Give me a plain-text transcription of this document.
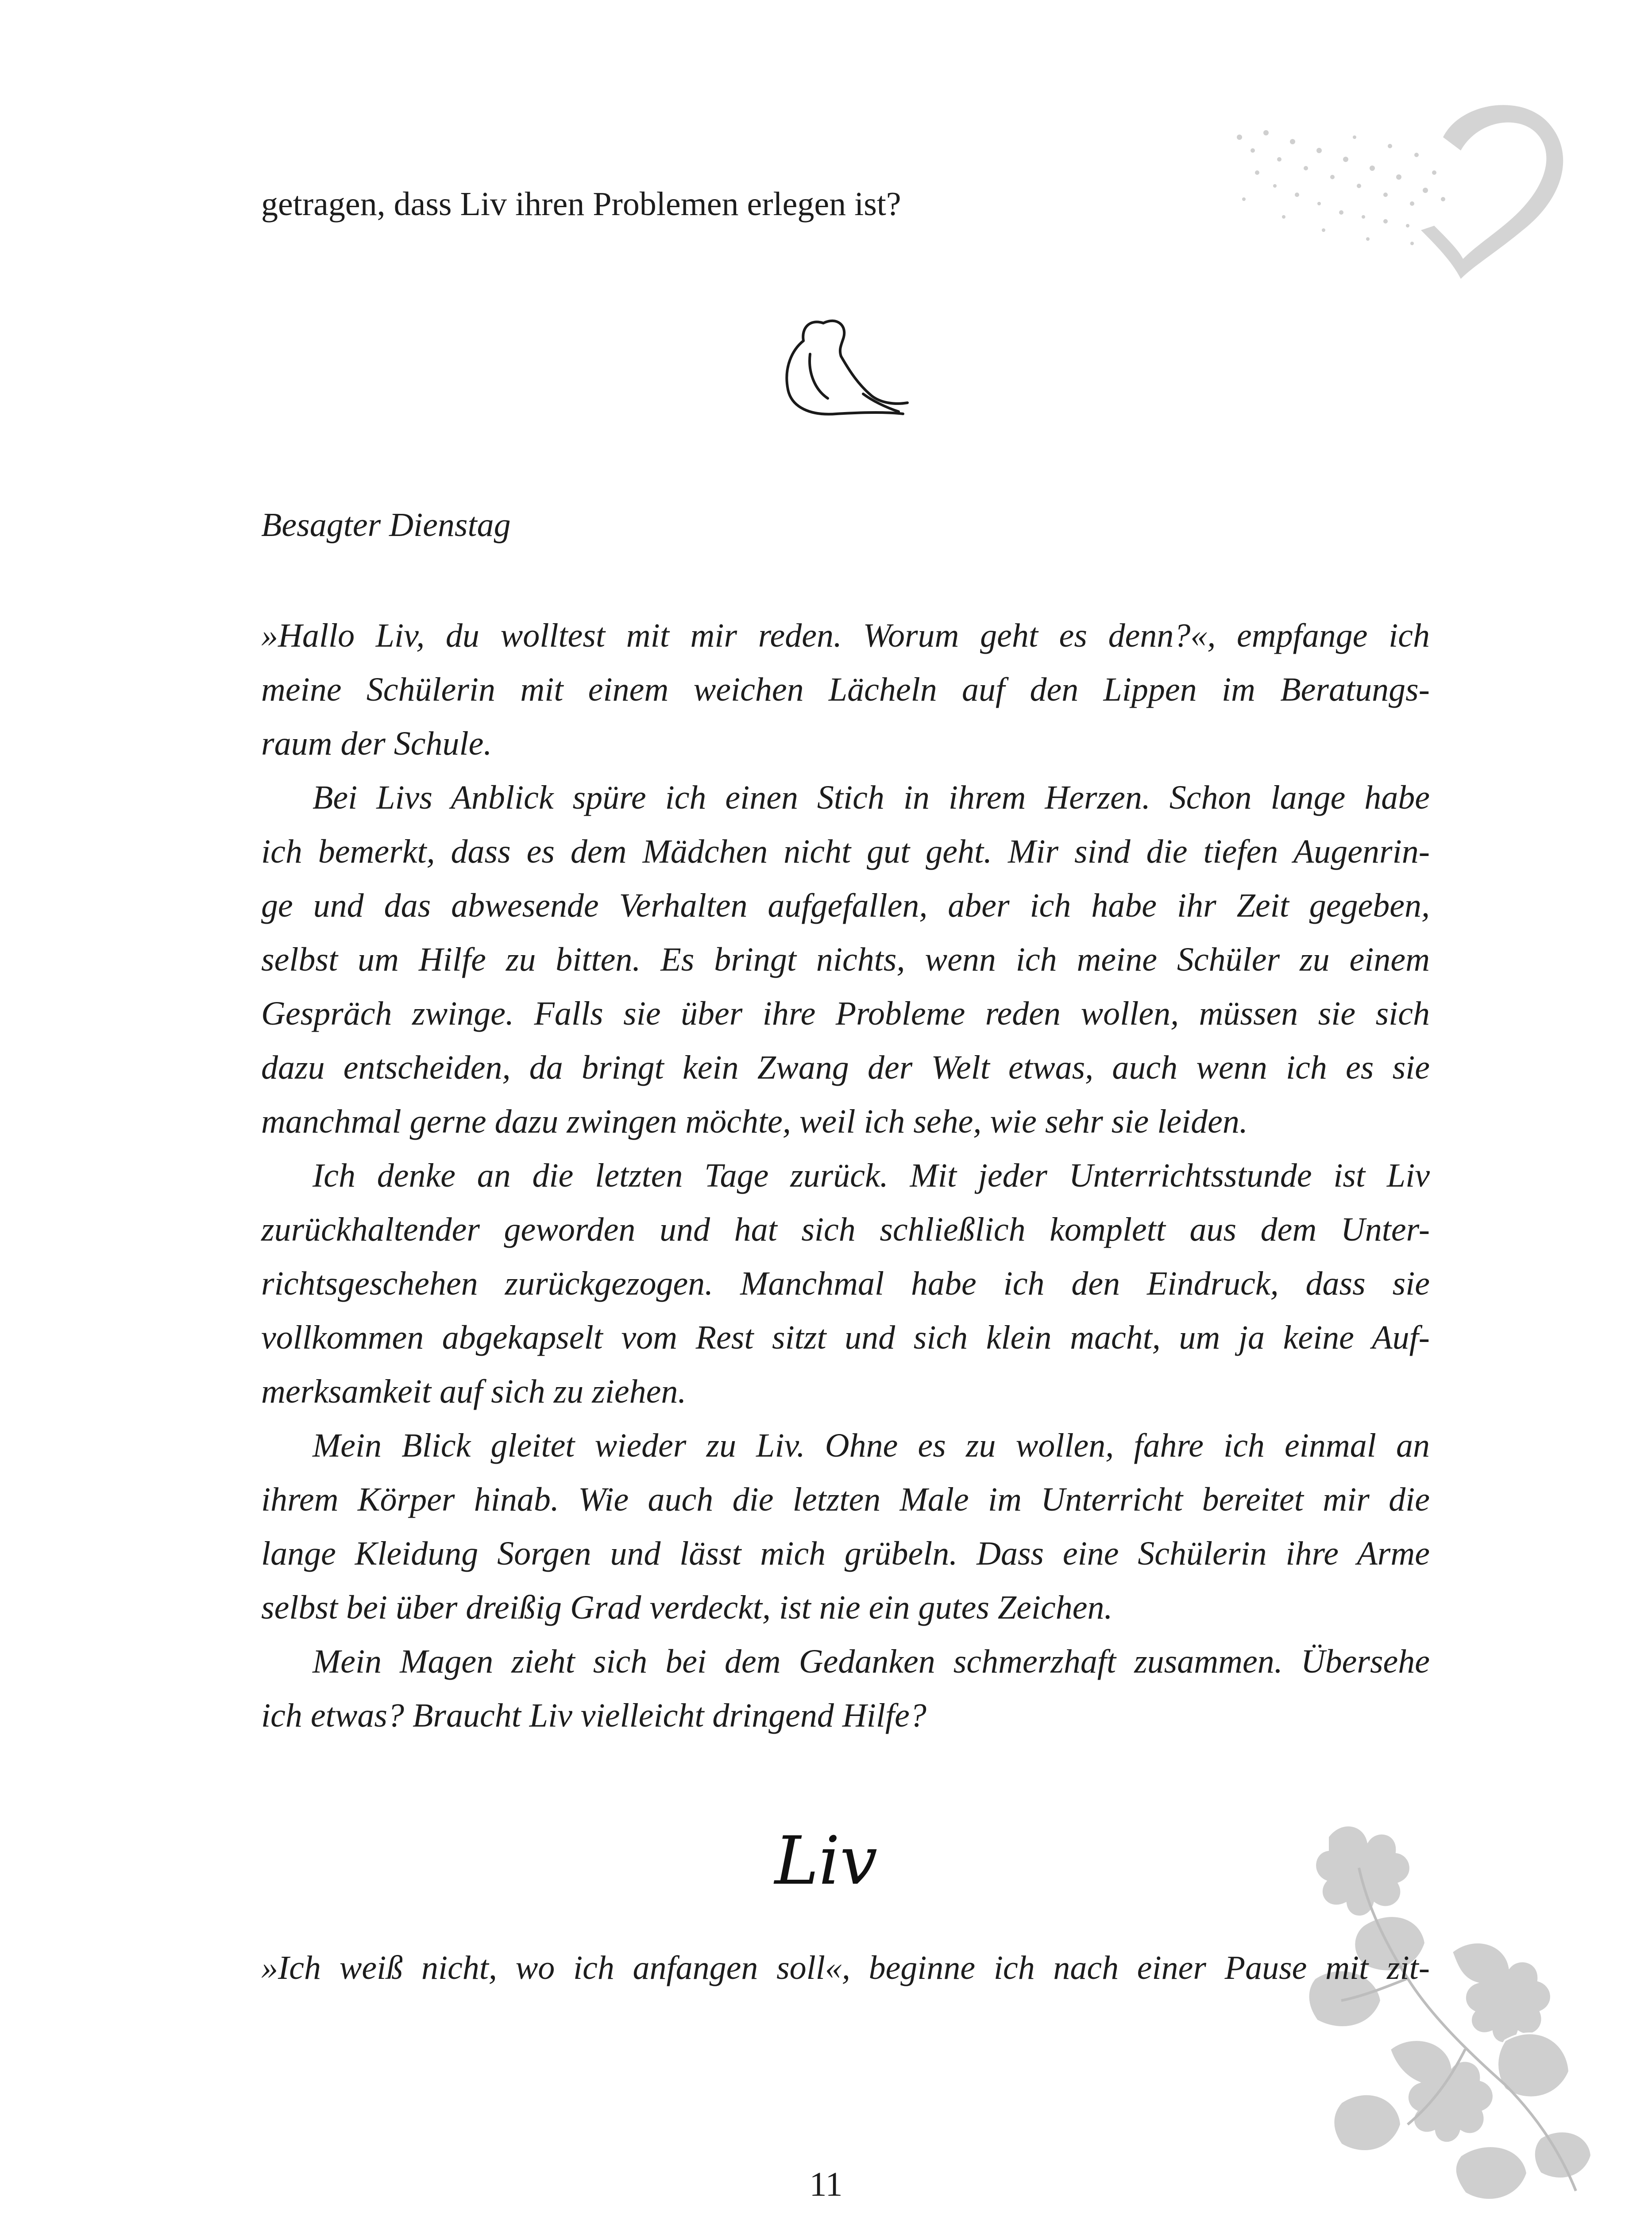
getragen, dass Liv ihren Problemen erlegen ist?
Besagter Dienstag
»Hallo Liv, du wolltest mit mir reden. Worum geht es denn?«, empfange ich
meine Schülerin mit einem weichen Lächeln auf den Lippen im Beratungs-
raum der Schule.
Bei Livs Anblick spüre ich einen Stich in ihrem Herzen. Schon lange habe
ich bemerkt, dass es dem Mädchen nicht gut geht. Mir sind die tiefen Augenrin-
ge und das abwesende Verhalten aufgefallen, aber ich habe ihr Zeit gegeben,
selbst um Hilfe zu bitten. Es bringt nichts, wenn ich meine Schüler zu einem
Gespräch zwinge. Falls sie über ihre Probleme reden wollen, müssen sie sich
dazu entscheiden, da bringt kein Zwang der Welt etwas, auch wenn ich es sie
manchmal gerne dazu zwingen möchte, weil ich sehe, wie sehr sie leiden.
Ich denke an die letzten Tage zurück. Mit jeder Unterrichtsstunde ist Liv
zurückhaltender geworden und hat sich schließlich komplett aus dem Unter-
richtsgeschehen zurückgezogen. Manchmal habe ich den Eindruck, dass sie
vollkommen abgekapselt vom Rest sitzt und sich klein macht, um ja keine Auf-
merksamkeit auf sich zu ziehen.
Mein Blick gleitet wieder zu Liv. Ohne es zu wollen, fahre ich einmal an
ihrem Körper hinab. Wie auch die letzten Male im Unterricht bereitet mir die
lange Kleidung Sorgen und lässt mich grübeln. Dass eine Schülerin ihre Arme
selbst bei über dreißig Grad verdeckt, ist nie ein gutes Zeichen.
Mein Magen zieht sich bei dem Gedanken schmerzhaft zusammen. Übersehe
ich etwas? Braucht Liv vielleicht dringend Hilfe?
Liv
»Ich weiß nicht, wo ich anfangen soll«, beginne ich nach einer Pause mit zit-
11
